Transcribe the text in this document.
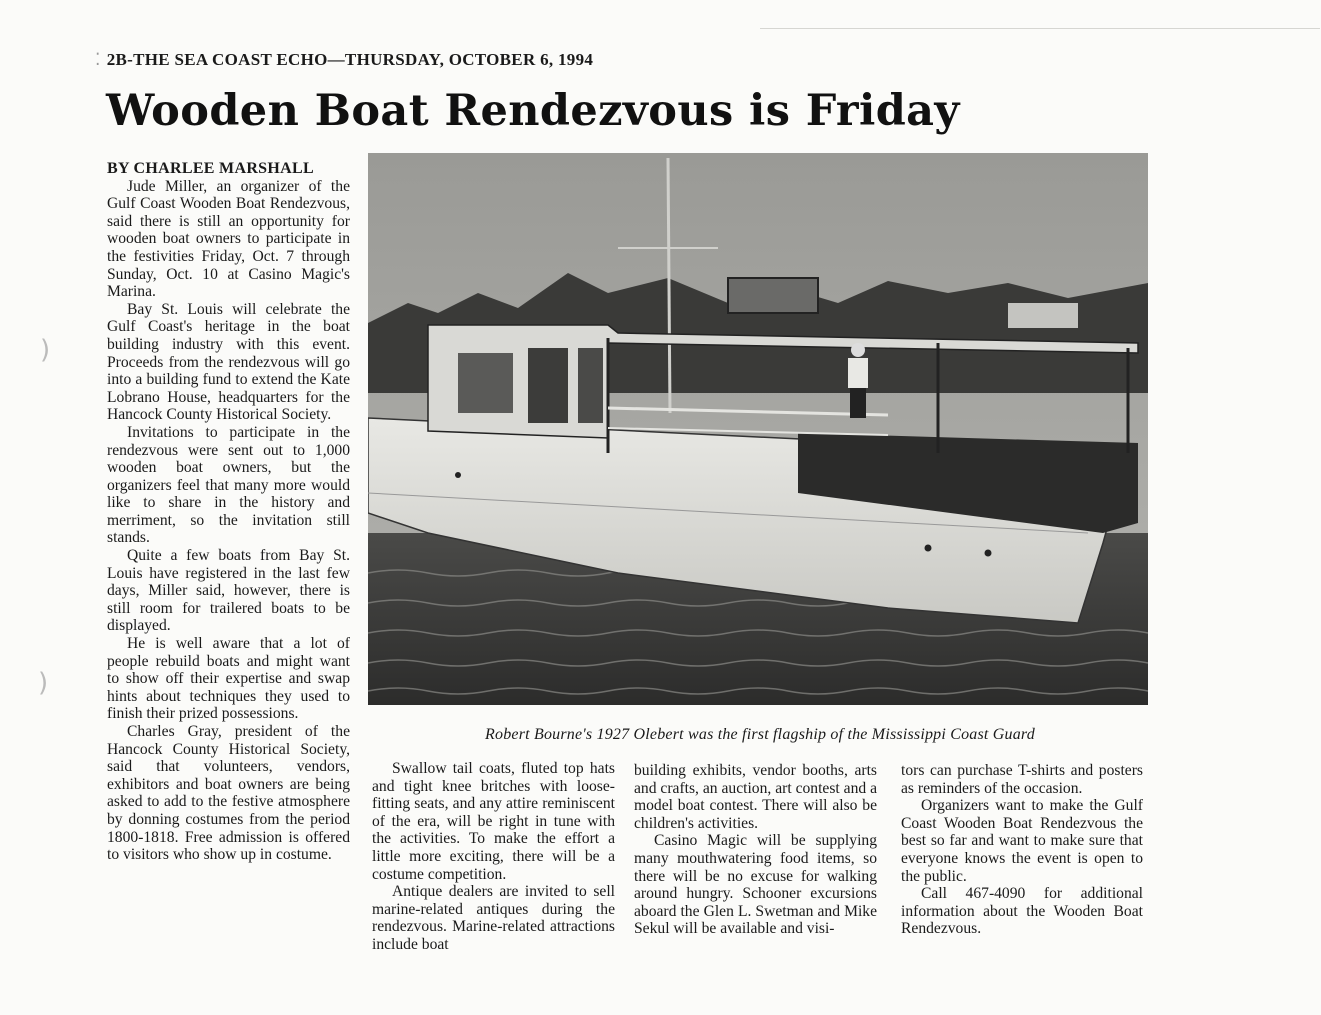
)
)
⁚ 2B-THE SEA COAST ECHO—THURSDAY, OCTOBER 6, 1994
Wooden Boat Rendezvous is Friday

BY CHARLEE MARSHALL

Jude Miller, an organizer of the Gulf Coast Wooden Boat Rendezvous, said there is still an opportunity for wooden boat owners to participate in the festivities Friday, Oct. 7 through Sunday, Oct. 10 at Casino Magic's Marina.

Bay St. Louis will celebrate the Gulf Coast's heritage in the boat building industry with this event. Proceeds from the rendezvous will go into a building fund to extend the Kate Lobrano House, headquarters for the Hancock County Historical Society.

Invitations to participate in the rendezvous were sent out to 1,000 wooden boat owners, but the organizers feel that many more would like to share in the history and merriment, so the invitation still stands.

Quite a few boats from Bay St. Louis have registered in the last few days, Miller said, however, there is still room for trailered boats to be displayed.

He is well aware that a lot of people rebuild boats and might want to show off their expertise and swap hints about techniques they used to finish their prized possessions.

Charles Gray, president of the Hancock County Historical Society, said that volunteers, vendors, exhibitors and boat owners are being asked to add to the festive atmosphere by donning costumes from the period 1800-1818. Free admission is offered to visitors who show up in costume.

Robert Bourne's 1927 Olebert was the first flagship of the Mississippi Coast Guard

Swallow tail coats, fluted top hats and tight knee britches with loose-fitting seats, and any attire reminiscent of the era, will be right in tune with the activities. To make the effort a little more exciting, there will be a costume competition.

Antique dealers are invited to sell marine-related antiques during the rendezvous. Marine-related attractions include boat

building exhibits, vendor booths, arts and crafts, an auction, art contest and a model boat contest. There will also be children's activities.

Casino Magic will be supplying many mouthwatering food items, so there will be no excuse for walking around hungry. Schooner excursions aboard the Glen L. Swetman and Mike Sekul will be available and visi-

tors can purchase T-shirts and posters as reminders of the occasion.

Organizers want to make the Gulf Coast Wooden Boat Rendezvous the best so far and want to make sure that everyone knows the event is open to the public.

Call 467-4090 for additional information about the Wooden Boat Rendezvous.
